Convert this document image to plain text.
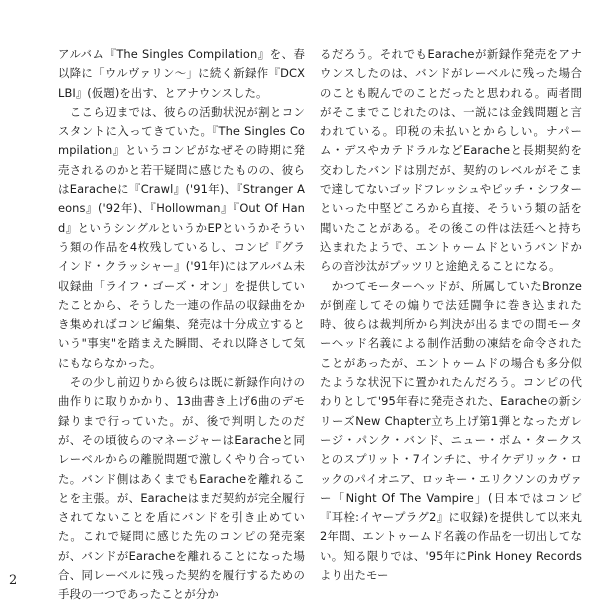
アルバム『The Singles Compilation』を、春以降に「ウルヴァリン〜」に続く新録作『DCXLBI』(仮題)を出す、とアナウンスした。

　ここら辺までは、彼らの活動状況が割とコンスタントに入ってきていた。『The Singles Compilation』というコンピがなぜその時期に発売されるのかと若干疑問に感じたものの、彼らはEaracheに『Crawl』('91年)、『Stranger Aeons』('92年)、『Hollowman』『Out Of Hand』というシングルというかEPというかそういう類の作品を4枚残しているし、コンピ『グラインド・クラッシャー』('91年)にはアルバム未収録曲「ライフ・ゴーズ・オン」を提供していたことから、そうした一連の作品の収録曲をかき集めればコンピ編集、発売は十分成立するという"事実"を踏まえた瞬間、それ以降さして気にもならなかった。

　その少し前辺りから彼らは既に新録作向けの曲作りに取りかかり、13曲書き上げ6曲のデモ録りまで行っていた。が、後で判明したのだが、その頃彼らのマネージャーはEaracheと同レーベルからの離脱問題で激しくやり合っていた。バンド側はあくまでもEaracheを離れることを主張。が、Earacheはまだ契約が完全履行されてないことを盾にバンドを引き止めていた。これで疑問に感じた先のコンピの発売案が、バンドがEaracheを離れることになった場合、同レーベルに残った契約を履行するための手段の一つであったことが分か

るだろう。それでもEaracheが新録作発売をアナウンスしたのは、バンドがレーベルに残った場合のことも睨んでのことだったと思われる。両者間がそこまでこじれたのは、一説には金銭問題と言われている。印税の未払いとからしい。ナパーム・デスやカテドラルなどEaracheと長期契約を交わしたバンドは別だが、契約のレベルがそこまで達してないゴッドフレッシュやピッチ・シフターといった中堅どころから直接、そういう類の話を聞いたことがある。その後この件は法廷へと持ち込まれたようで、エントゥームドというバンドからの音沙汰がプッツリと途絶えることになる。

　かつてモーターヘッドが、所属していたBronzeが倒産してその煽りで法廷闘争に巻き込まれた時、彼らは裁判所から判決が出るまでの間モーターヘッド名義による制作活動の凍結を命令されたことがあったが、エントゥームドの場合も多分似たような状況下に置かれたんだろう。コンピの代わりとして'95年春に発売された、Earacheの新シリーズNew Chapter立ち上げ第1弾となったガレージ・パンク・バンド、ニュー・ボム・タークスとのスプリット・7インチに、サイケデリック・ロックのパイオニア、ロッキー・エリクソンのカヴァー「Night Of The Vampire」(日本ではコンピ『耳栓:イヤープラグ2』に収録)を提供して以来丸2年間、エントゥームド名義の作品を一切出してない。知る限りでは、'95年にPink Honey Recordsより出たモー

2
